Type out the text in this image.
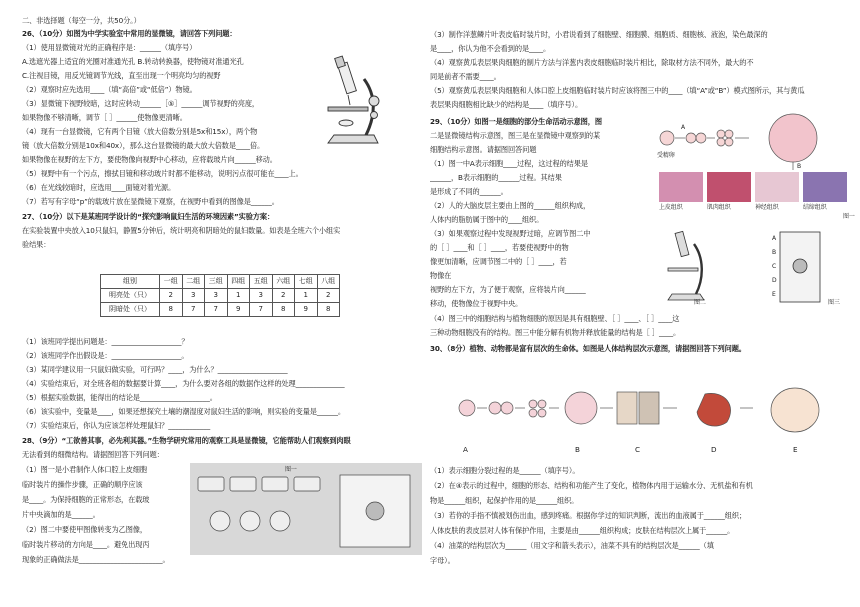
二、非选择题（每空一分，共50分。）
26、（10分）如图为中学实验室中常用的显微镜，请回答下列问题：
（1）使用显微镜对光的正确程序是：______（填序号）
A.选遮光器上适宜的光圈对准通光孔 B.转动转换器，使物镜对准通光孔
C.注视目镜，用反光镜调节光线，直至出现一个明亮均匀的视野
（2）观察时应先选用____（填“高倍”或“低倍”）物镜。
（3）显微镜下视野较暗，这时应转动______［⑤］______调节视野的亮度，
如果物像不够清晰，调节［ ］______使物像更清晰。
（4）现有一台显微镜，它有两个目镜（放大倍数分别是5x和15x），两个物
镜（放大倍数分别是10x和40x），那么这台显微镜的最大放大倍数是____倍。
如果物像在视野的左下方，要使物像向视野中心移动，应将载玻片向______移动。
（5）视野中有一个污点，擦拭目镜和移动玻片时都不能移动，说明污点很可能在____上。
（6）在光线较暗时，应选用____面镜对着光源。
（7）若写有字母“p”的载玻片放在显微镜下观察，在视野中看到的图像是______。
27、（10分）以下是某班同学设计的“探究影响鼠妇生活的环境因素”实验方案：
在实验装置中央放入10只鼠妇，静置5分钟后，统计明亮和阴暗处的鼠妇数量。如表是全班六个小组实
验结果：
组别	一组	二组	三组	四组	五组	六组	七组	八组
明亮处（只）	2	3	3	1	3	2	1	2
阴暗处（只）	8	7	7	9	7	8	9	8
（1）该班同学提出问题是：____________________？
（2）该班同学作出假设是：____________________。
（3）某同学建议用一只鼠妇做实验，可行吗？____，为什么？____________________
（4）实验结束后，对全班各组的数据要计算____，为什么要对各组的数据作这样的处理______________
（5）根据实验数据，能得出的结论是____________________。
（6）该实验中，变量是____，如果还想探究土壤的潮湿度对鼠妇生活的影响，则实验的变量是______。
（7）实验结束后，你认为应该怎样处理鼠妇？____________
28、（9分）“工欲善其事，必先利其器。”生物学研究常用的观察工具是显微镜，它能帮助人们观察到肉眼
无法看到的细微结构。请据图回答下列问题：
（1）图一是小君制作人体口腔上皮细胞
临时装片的操作步骤，正确的顺序应该
是____。为保持细胞的正常形态，在载玻
片中央滴加的是______。
（2）图二中要使甲图像转变为乙图像，
临时装片移动的方向是____。避免出现丙
现象的正确做法是________________________。
图一
（3）制作洋葱鳞片叶表皮临时装片时，小君说看到了细胞壁、细胞膜、细胞质、细胞核、液泡，染色最深的
是____，你认为他不会看到的是____。
（4）观察黄瓜表层果肉细胞的制片方法与洋葱内表皮细胞临时装片相比，除取材方法不同外，最大的不
同是前者不需要____。
（5）观察黄瓜表层果肉细胞和人体口腔上皮细胞临时装片时应该将图三中的____（填“A”或“B”）模式图所示，其与黄瓜
表层果肉细胞相比缺少的结构是____（填序号）。
29、（10分）如图一是细胞的部分生命活动示意图，图
二是显微镜结构示意图，图三是在显微镜中观察到的某
细胞结构示意图。请据图回答问题
（1）图一中A表示细胞____过程，这过程的结果是
______，B表示细胞的______过程。其结果
是形成了不同的______。
（2）人的大脑皮层主要由上图的______组织构成，
人体内的脂肪属于图中的____组织。
（3）如果观察过程中发现视野过暗，应调节图二中
的［ ］____和［ ］____，若要使视野中的物
像更加清晰，应调节图二中的［ ］____，若
物像在
视野的左下方，为了便于观察，应将装片向______
移动，使物像位于视野中央。
（4）图三中的细胞结构与植物细胞的原因是具有细胞壁、［ ］____、［ ］____这
三种动物细胞没有的结构。图三中能分解有机物并释放能量的结构是［ ］____。
受精卵
A
B
上皮组织	肌肉组织	神经组织	结缔组织
图一
图二	图三
A
B
C
D
E
30、（8分）植物、动物都是富有层次的生命体。如图是人体结构层次示意图，请据图回答下列问题。
A	B	C	D	E
（1）表示细胞分裂过程的是______（填序号）。
（2）在④表示的过程中，细胞的形态、结构和功能产生了变化，植物体内用于运输水分、无机盐和有机
物是______组织，起保护作用的是______组织。
（3）若你的手指不慎被划伤出血，感到疼痛。根据你学过的知识判断，流出的血液属于______组织；
人体皮肤的表皮层对人体有保护作用，主要是由______组织构成；皮肤在结构层次上属于______。
（4）油菜的结构层次为______（用文字和箭头表示），油菜不具有的结构层次是______（填
字母）。
